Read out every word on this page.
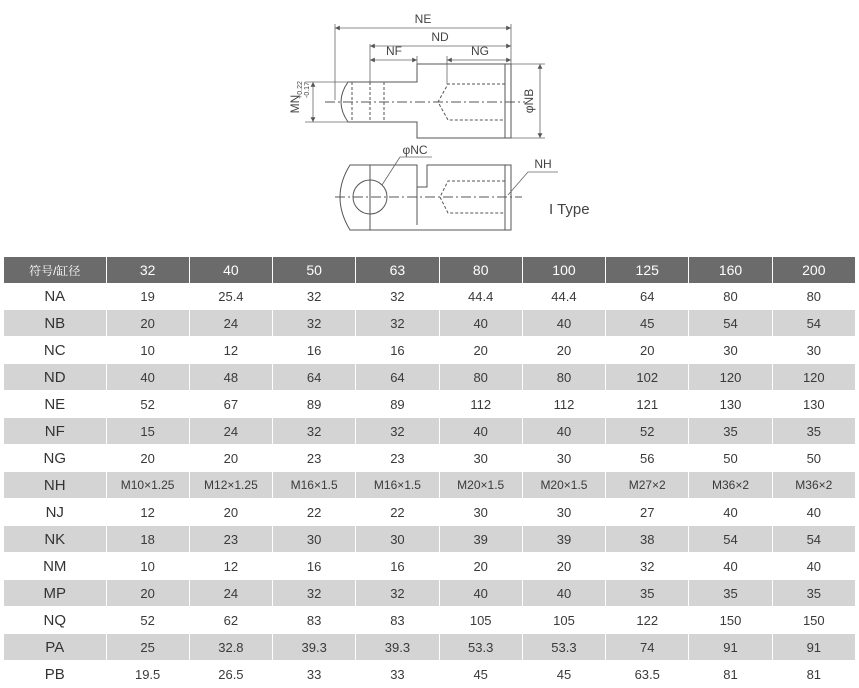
NE
ND
NF	NG
φNB
MN
+0.22 -0.17
φNC
NH
I Type
符号/缸径	32	40	50	63	80	100	125	160	200
NA	19	25.4	32	32	44.4	44.4	64	80	80
NB	20	24	32	32	40	40	45	54	54
NC	10	12	16	16	20	20	20	30	30
ND	40	48	64	64	80	80	102	120	120
NE	52	67	89	89	112	112	121	130	130
NF	15	24	32	32	40	40	52	35	35
NG	20	20	23	23	30	30	56	50	50
NH	M10×1.25	M12×1.25	M16×1.5	M16×1.5	M20×1.5	M20×1.5	M27×2	M36×2	M36×2
NJ	12	20	22	22	30	30	27	40	40
NK	18	23	30	30	39	39	38	54	54
NM	10	12	16	16	20	20	32	40	40
MP	20	24	32	32	40	40	35	35	35
NQ	52	62	83	83	105	105	122	150	150
PA	25	32.8	39.3	39.3	53.3	53.3	74	91	91
PB	19.5	26.5	33	33	45	45	63.5	81	81
